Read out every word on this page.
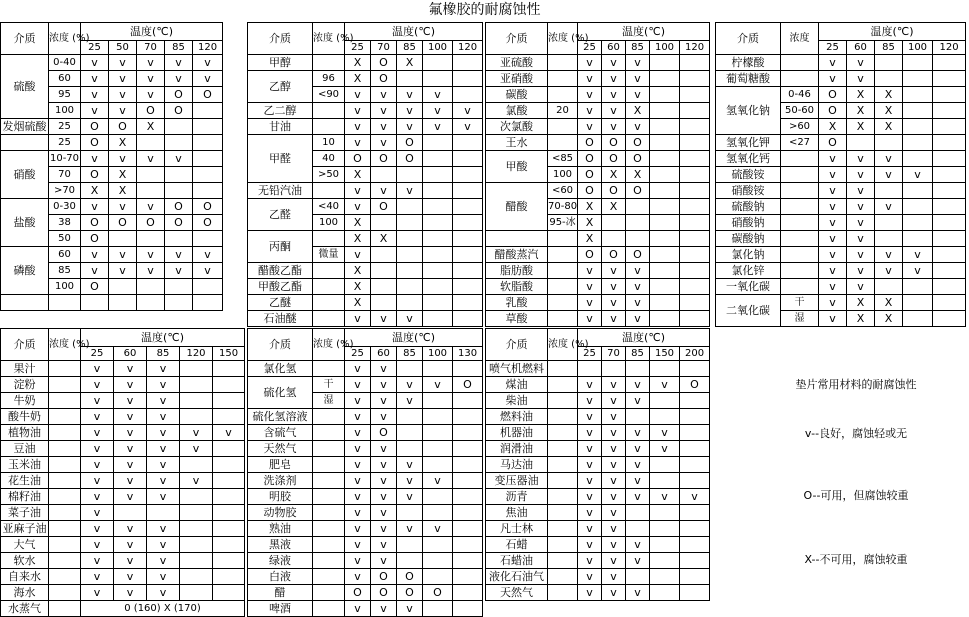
氟橡胶的耐腐蚀性
介质	浓度 (%)	温度(℃)				
		25	50	70	85	120
硫酸	0-40	v	v	v	v	v
	60	v	v	v	v	v
	95	v	v	v	O	O
	100	v	v	O	O	
发烟硫酸	25	O	O	X		
	25	O	X			
硝酸	10-70	v	v	v	v	
	70	O	X			
	>70	X	X			
盐酸	0-30	v	v	v	O	O
	38	O	O	O	O	O
	50	O				
磷酸	60	v	v	v	v	v
	85	v	v	v	v	v
	100	O				

介质	浓度 (%)	温度(℃)				
		25	70	85	100	120
甲醇		X	O	X		
乙醇	96	X	O			
	<90	v	v	v	v	
乙二醇		v	v	v	v	v
甘油		v	v	v	v	v
甲醛	10	v	v	O		
	40	O	O	O		
	>50	X				
无铅汽油		v	v	v		
乙醛	<40	v	O			
	100	X				
丙酮		X	X			
	微量	v				
醋酸乙酯		X				
甲酸乙酯		X				
乙醚		X				
石油醚		v	v	v		
介质	浓度 (%)	温度(℃)				
		25	60	85	100	120
亚硫酸		v	v	v		
亚硝酸		v	v	v		
碳酸		v	v	v		
氯酸	20	v	v	X		
次氯酸		v	v	v		
王水		O	O	O		
甲酸	<85	O	O	O		
	100	O	X	X		
醋酸	<60	O	O	O		
	70-80	X	X			
	95-冰	X				
		X				
醋酸蒸汽		O	O	O		
脂肪酸		v	v	v		
软脂酸		v	v	v		
乳酸		v	v	v		
草酸		v	v	v		
介质	浓度	温度(℃)				
		25	60	85	100	120
柠檬酸		v	v			
葡萄糖酸		v	v			
氢氧化钠	0-46	O	X	X		
	50-60	O	X	X		
	>60	X	X	X		
氢氧化钾	<27	O				
氢氧化钙		v	v	v		
硫酸铵		v	v	v	v	
硝酸铵		v	v			
硫酸钠		v	v	v		
硝酸钠		v	v			
碳酸钠		v	v			
氯化钠		v	v	v	v	
氯化锌		v	v	v	v	
一氧化碳		v	v			
二氧化碳	干	v	X	X		
	湿	v	X	X		
介质	浓度 (%)	温度(℃)				
		25	60	85	120	150
果汁		v	v	v		
淀粉		v	v	v		
牛奶		v	v	v		
酸牛奶		v	v	v		
植物油		v	v	v	v	v
豆油		v	v	v	v	
玉米油		v	v	v		
花生油		v	v	v	v	
棉籽油		v	v	v		
菜子油		v				
亚麻子油		v	v	v		
大气		v	v	v		
软水		v	v	v		
自来水		v	v	v		
海水		v	v	v		
水蒸气		0 (160) X (170)				
介质	浓度 (%)	温度(℃)				
		25	60	85	100	130
氯化氢		v	v			
硫化氢	干	v	v	v	v	O
	湿	v	v	v		
硫化氢溶液		v	v			
含硫气		v	O			
天然气		v	v			
肥皂		v	v	v		
洗涤剂		v	v	v	v	
明胶		v	v	v		
动物胶		v	v			
熟油		v	v	v	v	
黑液		v	v			
绿液		v	v			
白液		v	O	O		
醋		O	O	O	O	
啤酒		v	v	v		
介质	浓度 (%)	温度(℃)				
		25	70	85	150	200
喷气机燃料						
煤油		v	v	v	v	O
柴油		v	v	v		
燃料油		v	v			
机器油		v	v	v	v	
润滑油		v	v	v	v	
马达油		v	v	v		
变压器油		v	v	v		
沥青		v	v	v	v	v
焦油		v	v			
凡士林		v	v			
石蜡		v	v	v		
石蜡油		v	v	v		
液化石油气		v	v			
天然气		v	v	v		
垫片常用材料的耐腐蚀性
v--良好，腐蚀轻或无
O--可用，但腐蚀较重
X--不可用，腐蚀较重
